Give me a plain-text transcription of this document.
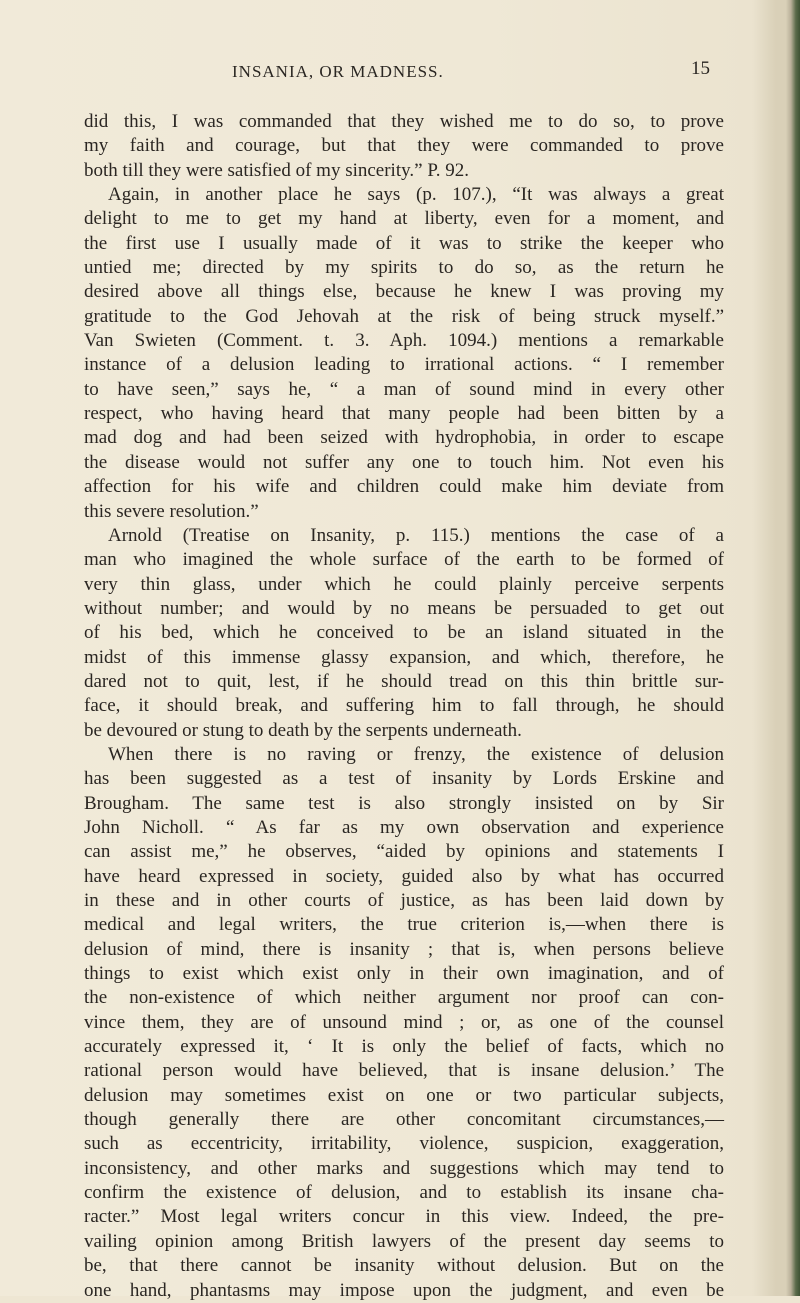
INSANIA, OR MADNESS.	15
did this, I was commanded that they wished me to do so, to prove
my faith and courage, but that they were commanded to prove
both till they were satisfied of my sincerity.” P. 92.
Again, in another place he says (p. 107.), “It was always a great
delight to me to get my hand at liberty, even for a moment, and
the first use I usually made of it was to strike the keeper who
untied me; directed by my spirits to do so, as the return he
desired above all things else, because he knew I was proving my
gratitude to the God Jehovah at the risk of being struck myself.”
Van Swieten (Comment. t. 3. Aph. 1094.) mentions a remarkable
instance of a delusion leading to irrational actions. “ I remember
to have seen,” says he, “ a man of sound mind in every other
respect, who having heard that many people had been bitten by a
mad dog and had been seized with hydrophobia, in order to escape
the disease would not suffer any one to touch him. Not even his
affection for his wife and children could make him deviate from
this severe resolution.”
Arnold (Treatise on Insanity, p. 115.) mentions the case of a
man who imagined the whole surface of the earth to be formed of
very thin glass, under which he could plainly perceive serpents
without number; and would by no means be persuaded to get out
of his bed, which he conceived to be an island situated in the
midst of this immense glassy expansion, and which, therefore, he
dared not to quit, lest, if he should tread on this thin brittle sur-
face, it should break, and suffering him to fall through, he should
be devoured or stung to death by the serpents underneath.
When there is no raving or frenzy, the existence of delusion
has been suggested as a test of insanity by Lords Erskine and
Brougham. The same test is also strongly insisted on by Sir
John Nicholl. “ As far as my own observation and experience
can assist me,” he observes, “aided by opinions and statements I
have heard expressed in society, guided also by what has occurred
in these and in other courts of justice, as has been laid down by
medical and legal writers, the true criterion is,—when there is
delusion of mind, there is insanity ; that is, when persons believe
things to exist which exist only in their own imagination, and of
the non-existence of which neither argument nor proof can con-
vince them, they are of unsound mind ; or, as one of the counsel
accurately expressed it, ‘ It is only the belief of facts, which no
rational person would have believed, that is insane delusion.’ The
delusion may sometimes exist on one or two particular subjects,
though generally there are other concomitant circumstances,—
such as eccentricity, irritability, violence, suspicion, exaggeration,
inconsistency, and other marks and suggestions which may tend to
confirm the existence of delusion, and to establish its insane cha-
racter.” Most legal writers concur in this view. Indeed, the pre-
vailing opinion among British lawyers of the present day seems to
be, that there cannot be insanity without delusion. But on the
one hand, phantasms may impose upon the judgment, and even be
